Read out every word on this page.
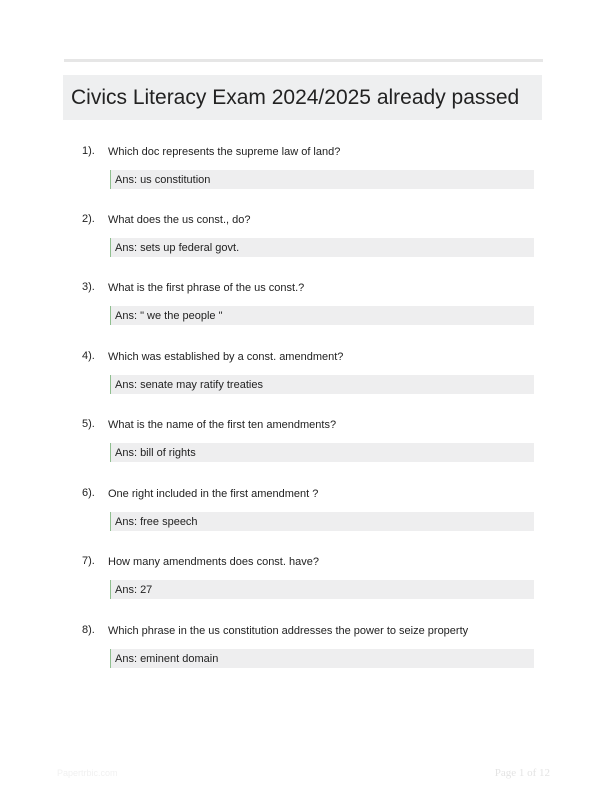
Civics Literacy Exam 2024/2025 already passed
1). Which doc represents the supreme law of land?
Ans: us constitution
2). What does the us const., do?
Ans: sets up federal govt.
3). What is the first phrase of the us const.?
Ans: " we the people "
4). Which was established by a const. amendment?
Ans: senate may ratify treaties
5). What is the name of the first ten amendments?
Ans: bill of rights
6). One right included in the first amendment ?
Ans: free speech
7). How many amendments does const. have?
Ans: 27
8). Which phrase in the us constitution addresses the power to seize property
Ans: eminent domain
Papertrbic.com	Page 1 of 12
